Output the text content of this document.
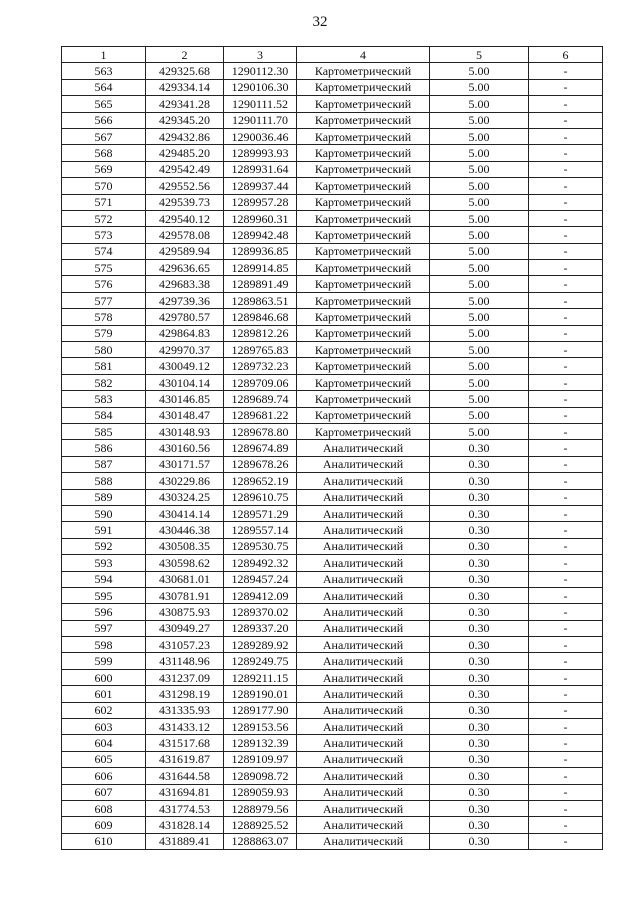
32
1	2	3	4	5	6
563	429325.68	1290112.30	Картометрический	5.00	-
564	429334.14	1290106.30	Картометрический	5.00	-
565	429341.28	1290111.52	Картометрический	5.00	-
566	429345.20	1290111.70	Картометрический	5.00	-
567	429432.86	1290036.46	Картометрический	5.00	-
568	429485.20	1289993.93	Картометрический	5.00	-
569	429542.49	1289931.64	Картометрический	5.00	-
570	429552.56	1289937.44	Картометрический	5.00	-
571	429539.73	1289957.28	Картометрический	5.00	-
572	429540.12	1289960.31	Картометрический	5.00	-
573	429578.08	1289942.48	Картометрический	5.00	-
574	429589.94	1289936.85	Картометрический	5.00	-
575	429636.65	1289914.85	Картометрический	5.00	-
576	429683.38	1289891.49	Картометрический	5.00	-
577	429739.36	1289863.51	Картометрический	5.00	-
578	429780.57	1289846.68	Картометрический	5.00	-
579	429864.83	1289812.26	Картометрический	5.00	-
580	429970.37	1289765.83	Картометрический	5.00	-
581	430049.12	1289732.23	Картометрический	5.00	-
582	430104.14	1289709.06	Картометрический	5.00	-
583	430146.85	1289689.74	Картометрический	5.00	-
584	430148.47	1289681.22	Картометрический	5.00	-
585	430148.93	1289678.80	Картометрический	5.00	-
586	430160.56	1289674.89	Аналитический	0.30	-
587	430171.57	1289678.26	Аналитический	0.30	-
588	430229.86	1289652.19	Аналитический	0.30	-
589	430324.25	1289610.75	Аналитический	0.30	-
590	430414.14	1289571.29	Аналитический	0.30	-
591	430446.38	1289557.14	Аналитический	0.30	-
592	430508.35	1289530.75	Аналитический	0.30	-
593	430598.62	1289492.32	Аналитический	0.30	-
594	430681.01	1289457.24	Аналитический	0.30	-
595	430781.91	1289412.09	Аналитический	0.30	-
596	430875.93	1289370.02	Аналитический	0.30	-
597	430949.27	1289337.20	Аналитический	0.30	-
598	431057.23	1289289.92	Аналитический	0.30	-
599	431148.96	1289249.75	Аналитический	0.30	-
600	431237.09	1289211.15	Аналитический	0.30	-
601	431298.19	1289190.01	Аналитический	0.30	-
602	431335.93	1289177.90	Аналитический	0.30	-
603	431433.12	1289153.56	Аналитический	0.30	-
604	431517.68	1289132.39	Аналитический	0.30	-
605	431619.87	1289109.97	Аналитический	0.30	-
606	431644.58	1289098.72	Аналитический	0.30	-
607	431694.81	1289059.93	Аналитический	0.30	-
608	431774.53	1288979.56	Аналитический	0.30	-
609	431828.14	1288925.52	Аналитический	0.30	-
610	431889.41	1288863.07	Аналитический	0.30	-
